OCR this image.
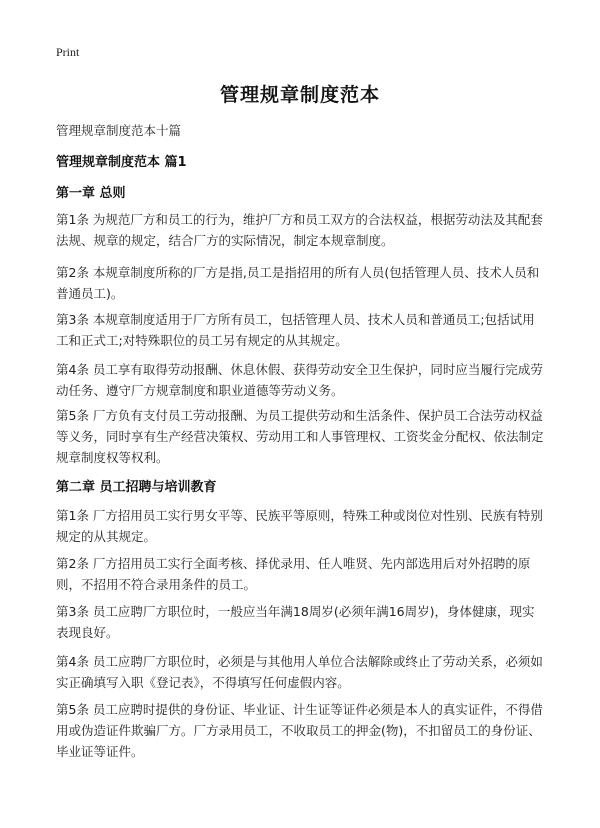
Print
管理规章制度范本

管理规章制度范本十篇

管理规章制度范本 篇1
第一章 总则

第1条 为规范厂方和员工的行为，维护厂方和员工双方的合法权益，根据劳动法及其配套法规、规章的规定，结合厂方的实际情况，制定本规章制度。

第2条 本规章制度所称的厂方是指,员工是指招用的所有人员(包括管理人员、技术人员和普通员工)。

第3条 本规章制度适用于厂方所有员工，包括管理人员、技术人员和普通员工;包括试用工和正式工;对特殊职位的员工另有规定的从其规定。

第4条 员工享有取得劳动报酬、休息休假、获得劳动安全卫生保护，同时应当履行完成劳动任务、遵守厂方规章制度和职业道德等劳动义务。

第5条 厂方负有支付员工劳动报酬、为员工提供劳动和生活条件、保护员工合法劳动权益等义务，同时享有生产经营决策权、劳动用工和人事管理权、工资奖金分配权、依法制定规章制度权等权利。

第二章 员工招聘与培训教育

第1条 厂方招用员工实行男女平等、民族平等原则，特殊工种或岗位对性别、民族有特别规定的从其规定。

第2条 厂方招用员工实行全面考核、择优录用、任人唯贤、先内部选用后对外招聘的原则，不招用不符合录用条件的员工。

第3条 员工应聘厂方职位时，一般应当年满18周岁(必须年满16周岁)，身体健康，现实表现良好。

第4条 员工应聘厂方职位时，必须是与其他用人单位合法解除或终止了劳动关系，必须如实正确填写入职《登记表》，不得填写任何虚假内容。

第5条 员工应聘时提供的身份证、毕业证、计生证等证件必须是本人的真实证件，不得借用或伪造证件欺骗厂方。厂方录用员工，不收取员工的押金(物)，不扣留员工的身份证、毕业证等证件。
